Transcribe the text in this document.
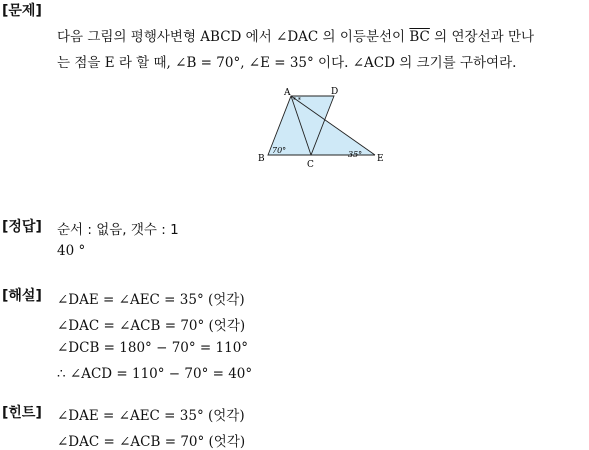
[문제]
다음 그림의 평행사변형 ABCD 에서 ∠DAC 의 이등분선이 $\overline{BC}$ 의 연장선과 만나
는 점을 E 라 할 때, ∠B = 70°, ∠E = 35° 이다. ∠ACD 의 크기를 구하여라.
A	D
B
C
E
70°	35°
* *
[정답] 순서 : 없음, 갯수 : 1
40 °
[해설] ∠DAE = ∠AEC = 35° (엇각)
∠DAC = ∠ACB = 70° (엇각)
∠DCB = 180° − 70° = 110°
∴ ∠ACD = 110° − 70° = 40°
[힌트] ∠DAE = ∠AEC = 35° (엇각)
∠DAC = ∠ACB = 70° (엇각)
